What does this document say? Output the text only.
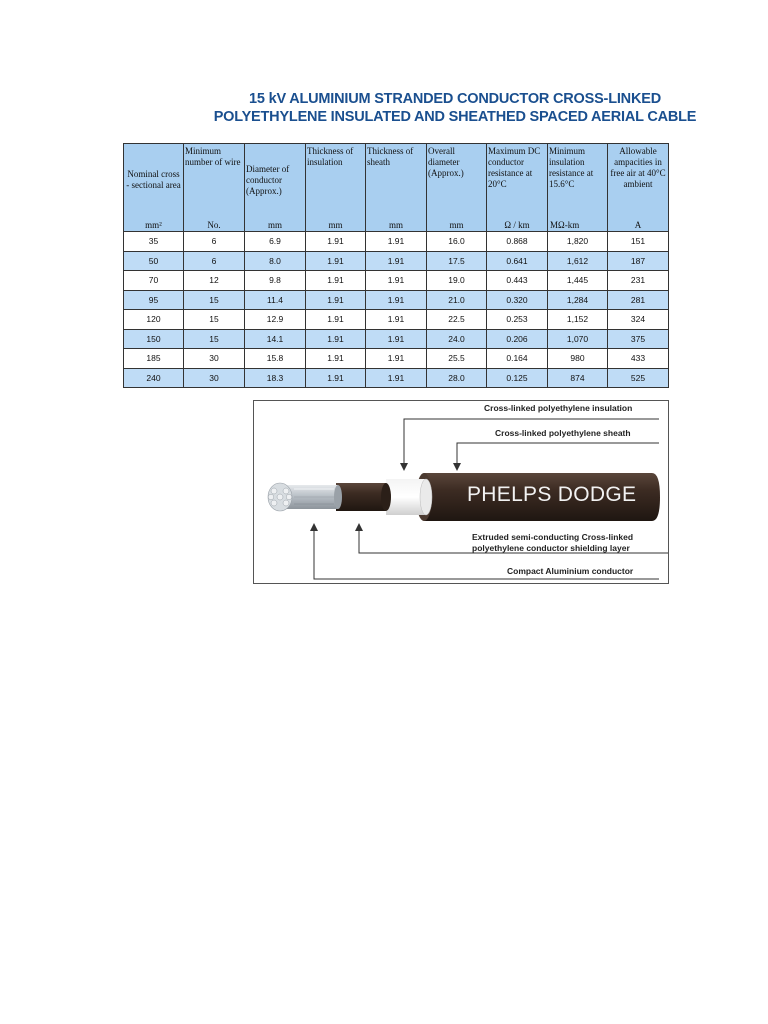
15 kV ALUMINIUM STRANDED CONDUCTOR CROSS-LINKED
POLYETHYLENE INSULATED AND SHEATHED SPACED AERIAL CABLE
Nominal cross - sectional area	Minimum number of wire	Diameter of conductor (Approx.)	Thickness of insulation	Thickness of sheath	Overall diameter (Approx.)	Maximum DC conductor resistance at 20°C	Minimum insulation resistance at 15.6°C	Allowable ampacities in free air at 40°C ambient
mm²	No.	mm	mm	mm	mm	Ω / km	MΩ-km	A
35	6	6.9	1.91	1.91	16.0	0.868	1,820	151
50	6	8.0	1.91	1.91	17.5	0.641	1,612	187
70	12	9.8	1.91	1.91	19.0	0.443	1,445	231
95	15	11.4	1.91	1.91	21.0	0.320	1,284	281
120	15	12.9	1.91	1.91	22.5	0.253	1,152	324
150	15	14.1	1.91	1.91	24.0	0.206	1,070	375
185	30	15.8	1.91	1.91	25.5	0.164	980	433
240	30	18.3	1.91	1.91	28.0	0.125	874	525
PHELPS DODGE
Cross-linked polyethylene insulation
Cross-linked polyethylene sheath
Extruded semi-conducting Cross-linked
polyethylene conductor shielding layer
Compact Aluminium conductor
